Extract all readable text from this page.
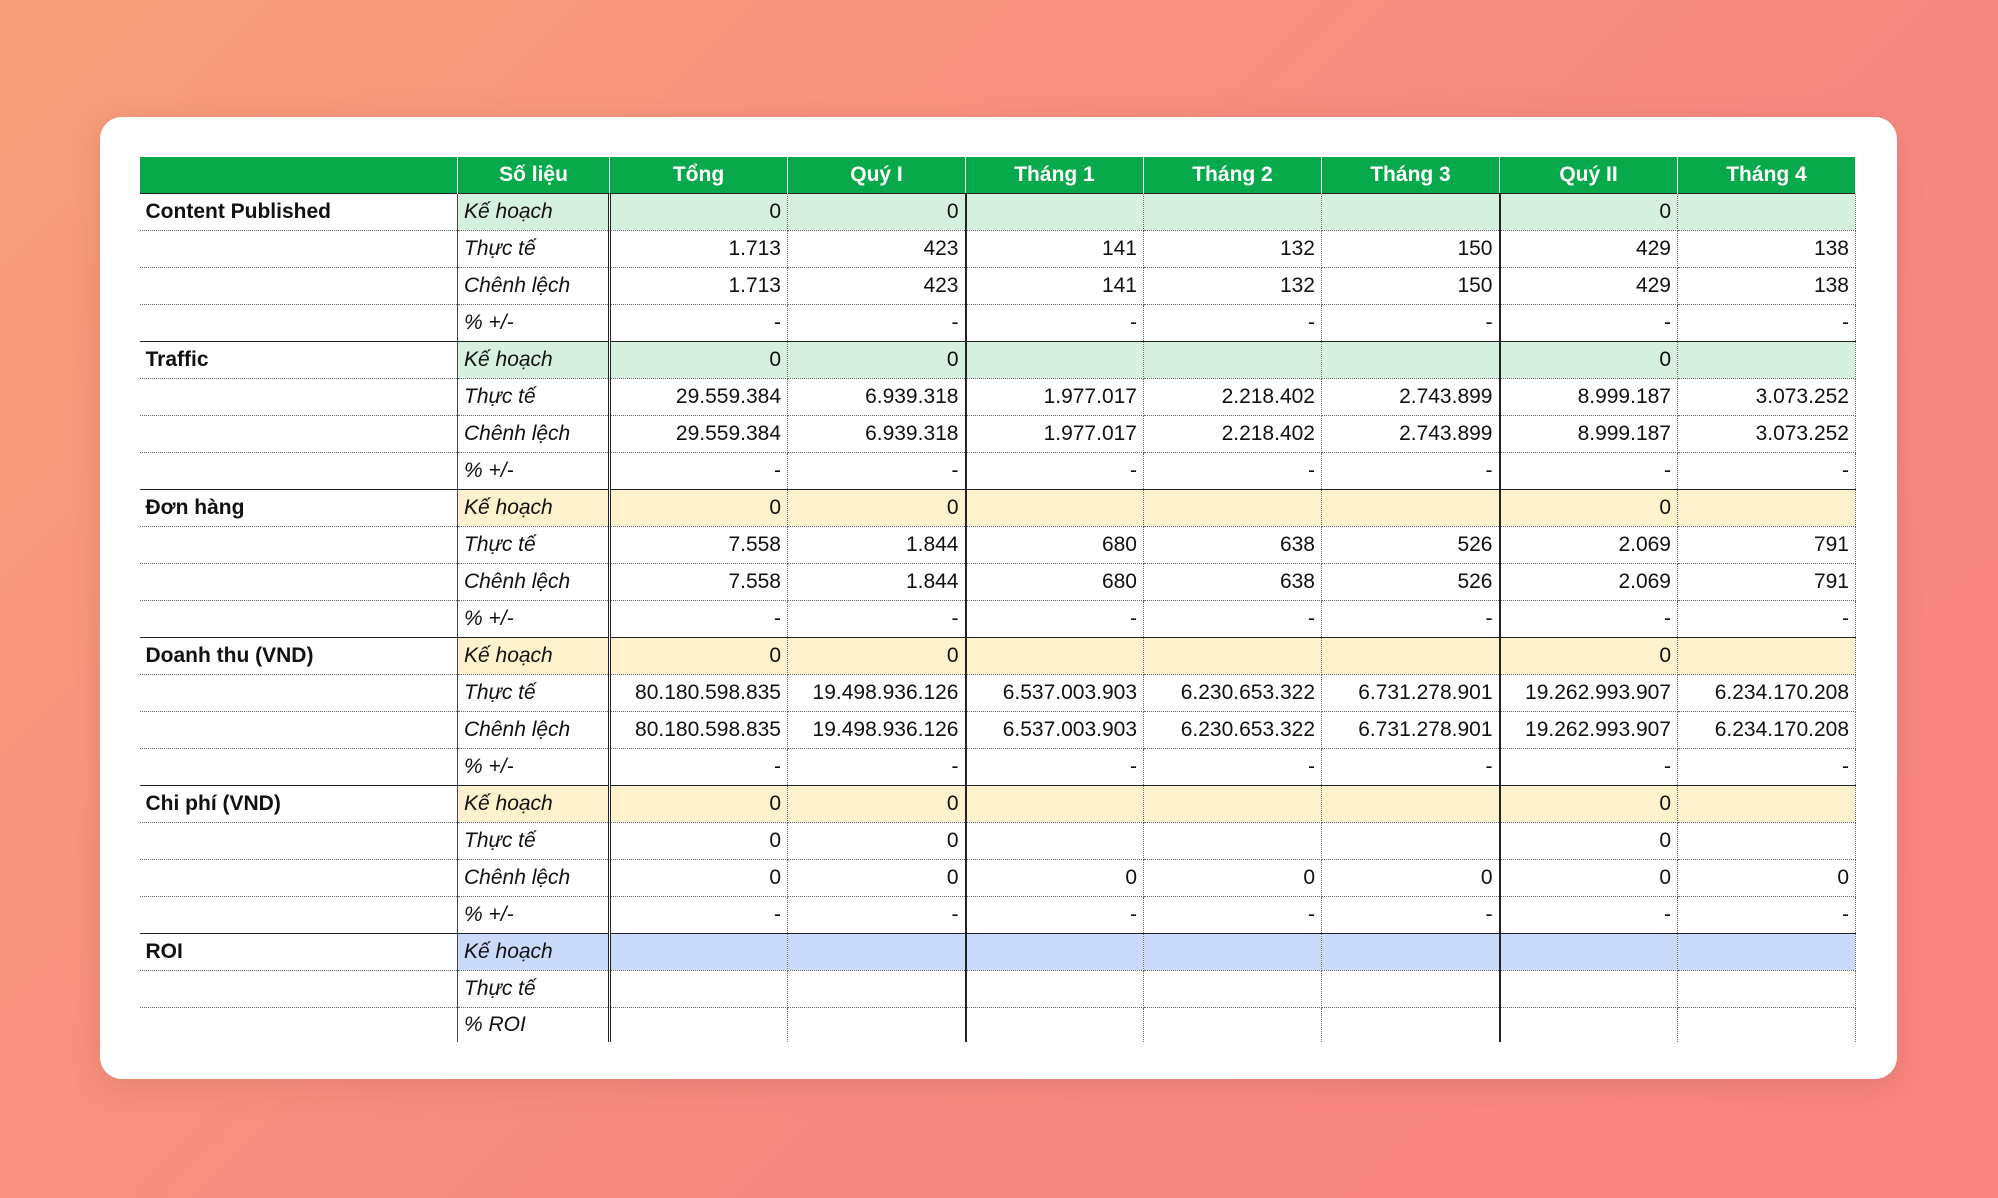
	Số liệu	Tổng	Quý I	Tháng 1	Tháng 2	Tháng 3	Quý II	Tháng 4
Content Published	Kế hoạch	0	0				0	
	Thực tế	1.713	423	141	132	150	429	138
	Chênh lệch	1.713	423	141	132	150	429	138
	% +/-	-	-	-	-	-	-	-
Traffic	Kế hoạch	0	0				0	
	Thực tế	29.559.384	6.939.318	1.977.017	2.218.402	2.743.899	8.999.187	3.073.252
	Chênh lệch	29.559.384	6.939.318	1.977.017	2.218.402	2.743.899	8.999.187	3.073.252
	% +/-	-	-	-	-	-	-	-
Đơn hàng	Kế hoạch	0	0				0	
	Thực tế	7.558	1.844	680	638	526	2.069	791
	Chênh lệch	7.558	1.844	680	638	526	2.069	791
	% +/-	-	-	-	-	-	-	-
Doanh thu (VND)	Kế hoạch	0	0				0	
	Thực tế	80.180.598.835	19.498.936.126	6.537.003.903	6.230.653.322	6.731.278.901	19.262.993.907	6.234.170.208
	Chênh lệch	80.180.598.835	19.498.936.126	6.537.003.903	6.230.653.322	6.731.278.901	19.262.993.907	6.234.170.208
	% +/-	-	-	-	-	-	-	-
Chi phí (VND)	Kế hoạch	0	0				0	
	Thực tế	0	0				0	
	Chênh lệch	0	0	0	0	0	0	0
	% +/-	-	-	-	-	-	-	-
ROI	Kế hoạch							
	Thực tế							
	% ROI							
